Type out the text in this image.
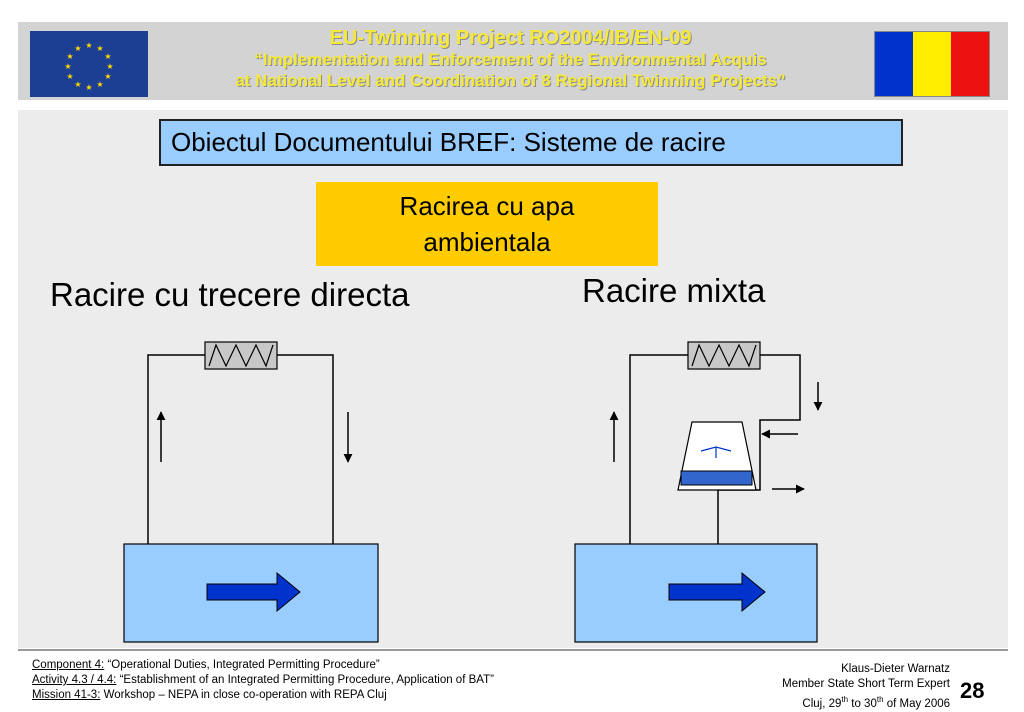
★ ★
★
★
★
★
★
★
★
★
★
★	EU-Twinning Project RO2004/IB/EN-09
“Implementation and Enforcement of the Environmental Acquis
at National Level and Coordination of 8 Regional Twinning Projects”
Obiectul Documentului BREF: Sisteme de racire
Racirea cu apa
ambientala
Racire cu trecere directa	Racire mixta
Component 4: “Operational Duties, Integrated Permitting Procedure”
Activity 4.3 / 4.4: “Establishment of an Integrated Permitting Procedure, Application of BAT”
Mission 41-3: Workshop – NEPA in close co-operation with REPA Cluj
Klaus-Dieter Warnatz
Member State Short Term Expert
Cluj, 29th to 30th of May 2006
28
